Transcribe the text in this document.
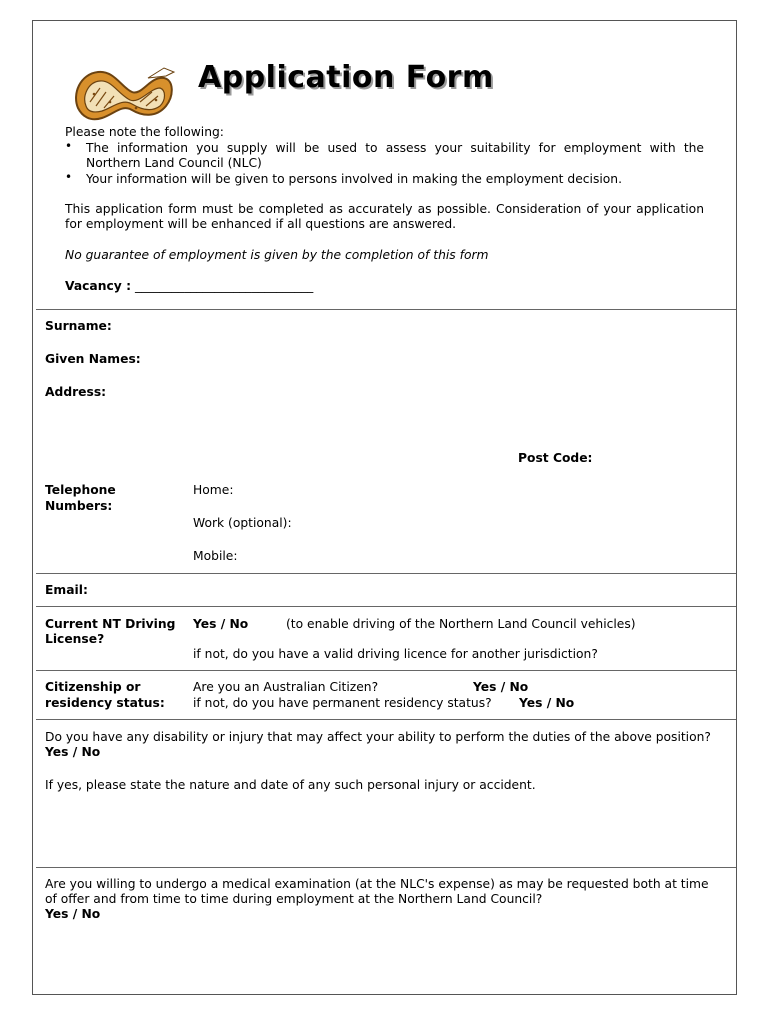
Application Form
Please note the following:
• The information you supply will be used to assess your suitability for employment with the
Northern Land Council (NLC)
• Your information will be given to persons involved in making the employment decision.
This application form must be completed as accurately as possible. Consideration of your application
for employment will be enhanced if all questions are answered.
No guarantee of employment is given by the completion of this form
Vacancy : _____________________________
Surname:
Given Names:
Address:
Post Code:
Telephone
Numbers:
Home:
Work (optional):
Mobile:
Email:
Current NT Driving
License?
Yes / No	(to enable driving of the Northern Land Council vehicles)
if not, do you have a valid driving licence for another jurisdiction?
Citizenship or
residency status:
Are you an Australian Citizen?	Yes / No
if not, do you have permanent residency status? Yes / No
Do you have any disability or injury that may affect your ability to perform the duties of the above position?
Yes / No
If yes, please state the nature and date of any such personal injury or accident.
Are you willing to undergo a medical examination (at the NLC's expense) as may be requested both at time
of offer and from time to time during employment at the Northern Land Council?
Yes / No
